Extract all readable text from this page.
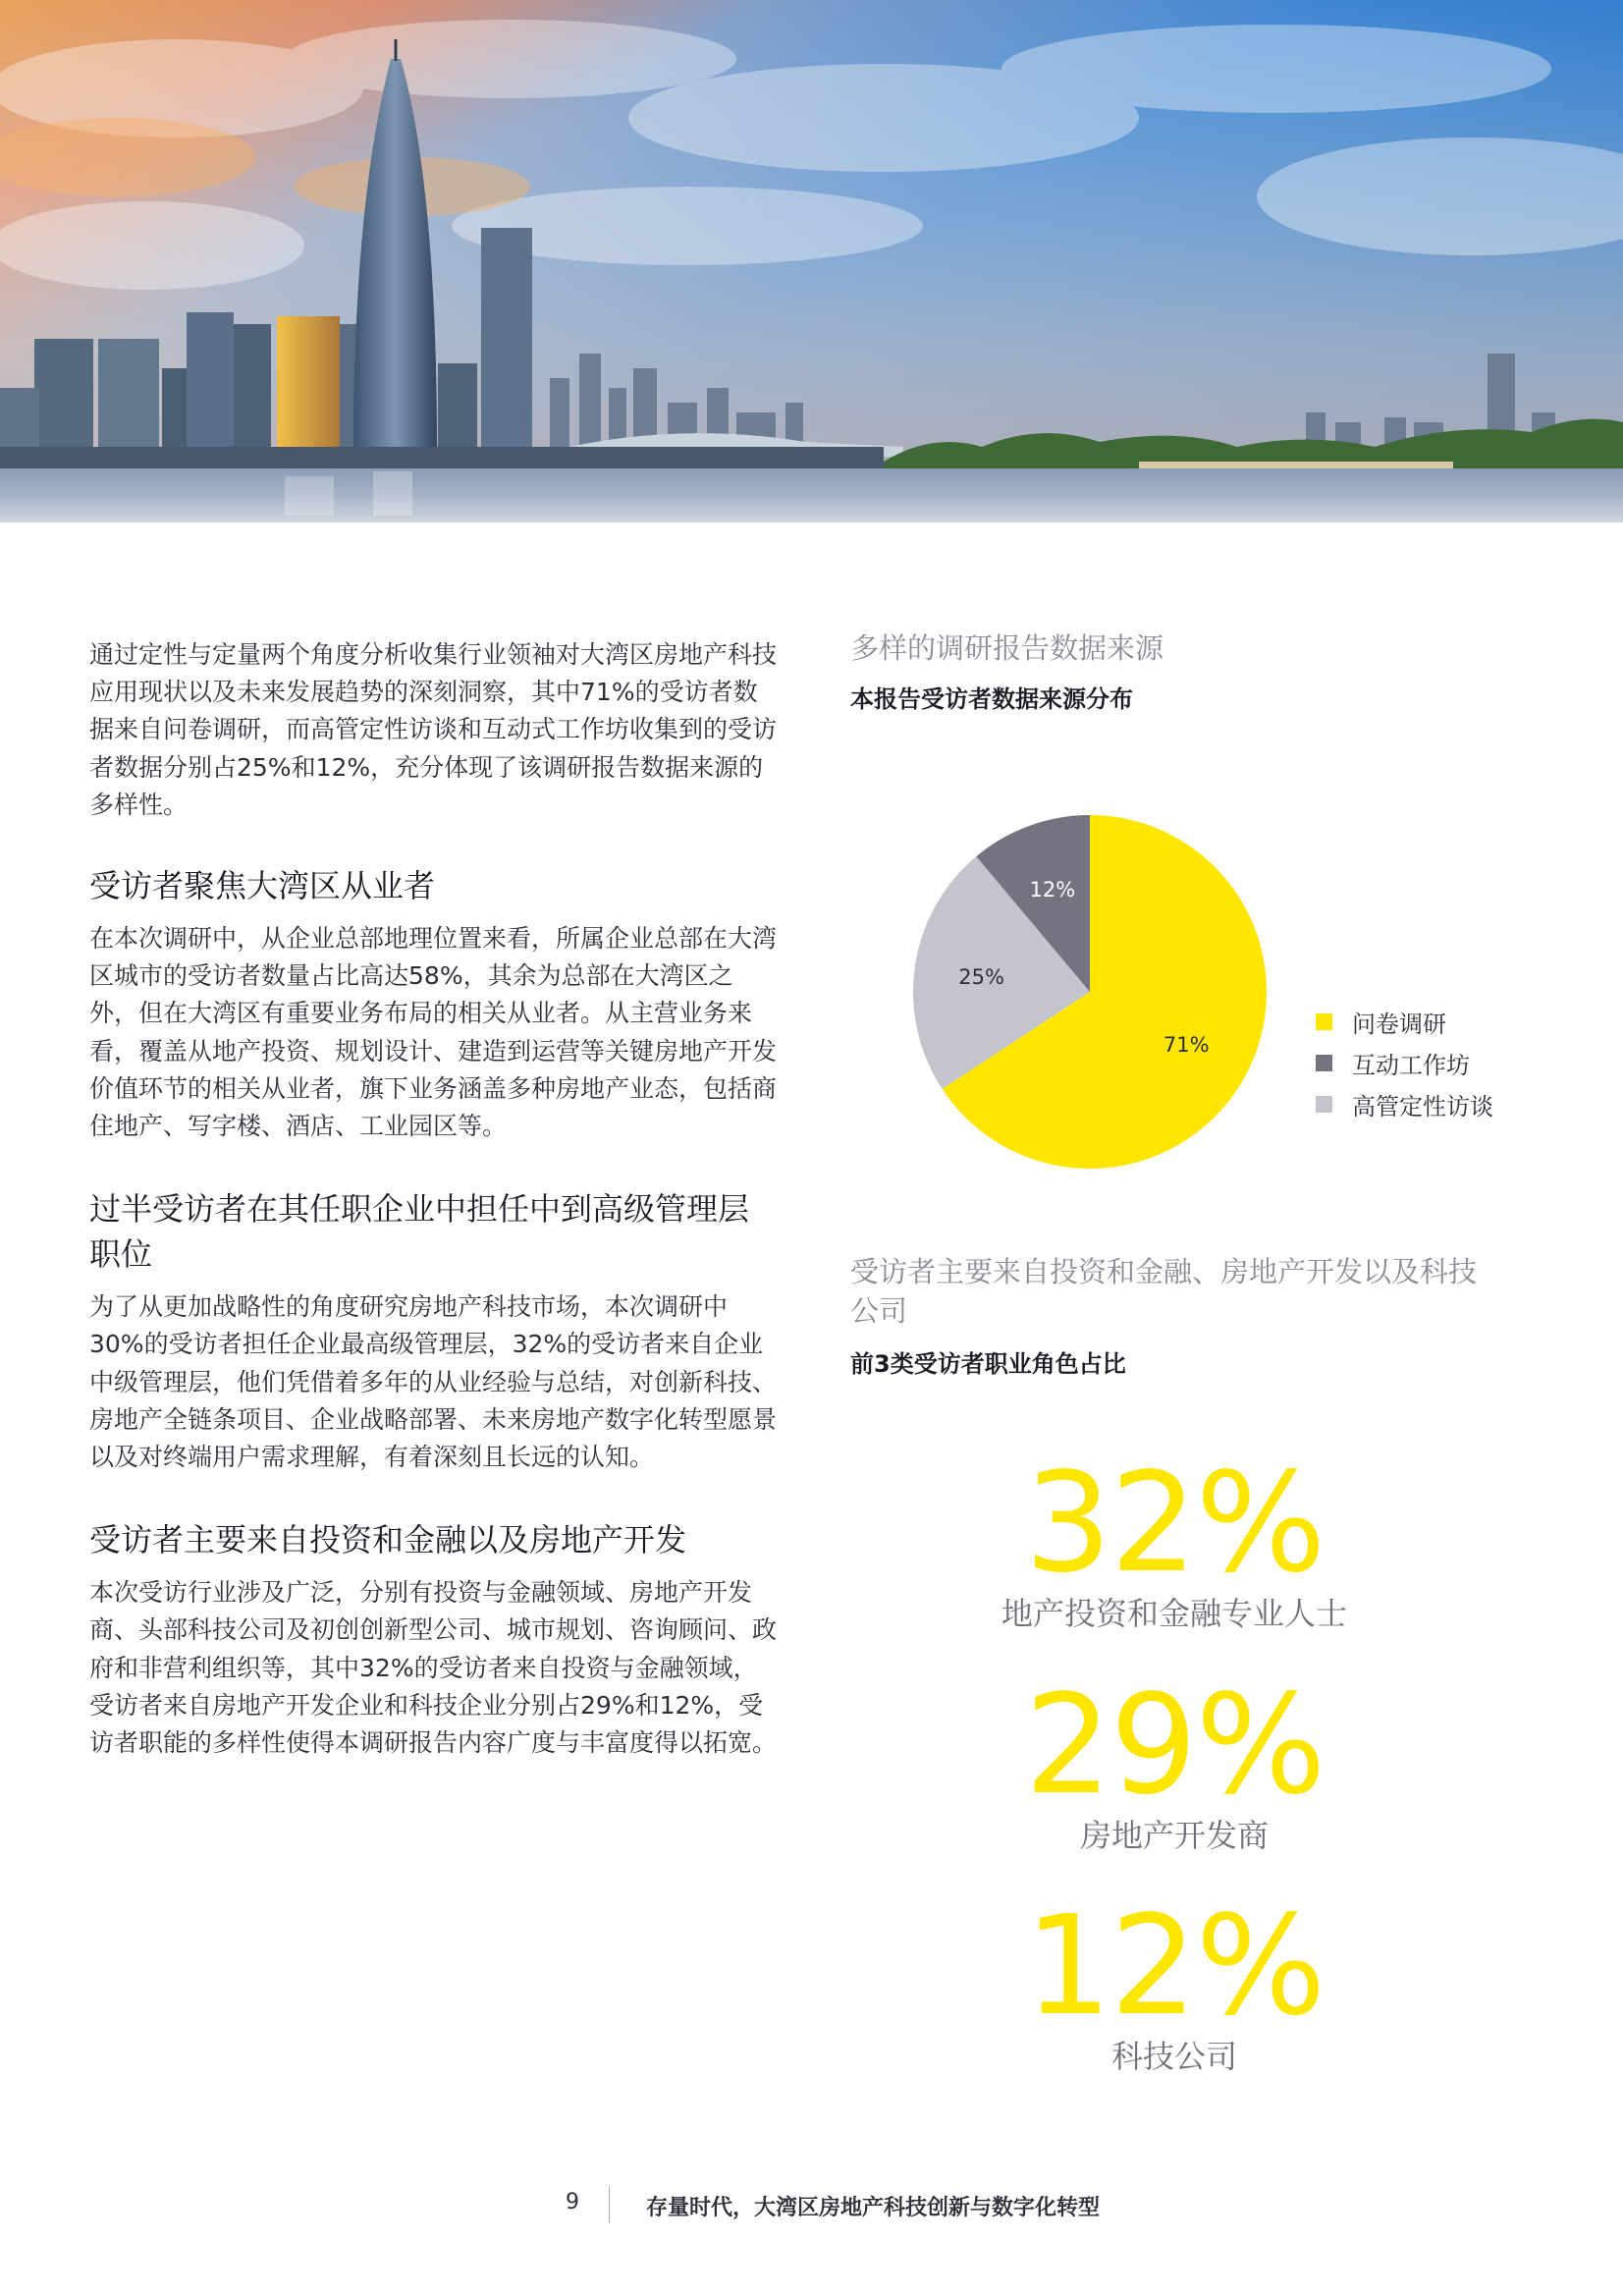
通过定性与定量两个角度分析收集行业领袖对大湾区房地产科技应用现状以及未来发展趋势的深刻洞察，其中71%的受访者数据来自问卷调研，而高管定性访谈和互动式工作坊收集到的受访者数据分别占25%和12%，充分体现了该调研报告数据来源的多样性。

受访者聚焦大湾区从业者

在本次调研中，从企业总部地理位置来看，所属企业总部在大湾区城市的受访者数量占比高达58%，其余为总部在大湾区之外，但在大湾区有重要业务布局的相关从业者。从主营业务来看，覆盖从地产投资、规划设计、建造到运营等关键房地产开发价值环节的相关从业者，旗下业务涵盖多种房地产业态，包括商住地产、写字楼、酒店、工业园区等。

过半受访者在其任职企业中担任中到高级管理层职位

为了从更加战略性的角度研究房地产科技市场，本次调研中30%的受访者担任企业最高级管理层，32%的受访者来自企业中级管理层，他们凭借着多年的从业经验与总结，对创新科技、房地产全链条项目、企业战略部署、未来房地产数字化转型愿景以及对终端用户需求理解，有着深刻且长远的认知。

受访者主要来自投资和金融以及房地产开发

本次受访行业涉及广泛，分别有投资与金融领域、房地产开发商、头部科技公司及初创创新型公司、城市规划、咨询顾问、政府和非营利组织等，其中32%的受访者来自投资与金融领域，受访者来自房地产开发企业和科技企业分别占29%和12%，受访者职能的多样性使得本调研报告内容广度与丰富度得以拓宽。

多样的调研报告数据来源

本报告受访者数据来源分布

71%
25%
12%
问卷调研
互动工作坊
高管定性访谈

受访者主要来自投资和金融、房地产开发以及科技公司

前3类受访者职业角色占比

32%
地产投资和金融专业人士
29%
房地产开发商
12%
科技公司
9	存量时代，大湾区房地产科技创新与数字化转型
